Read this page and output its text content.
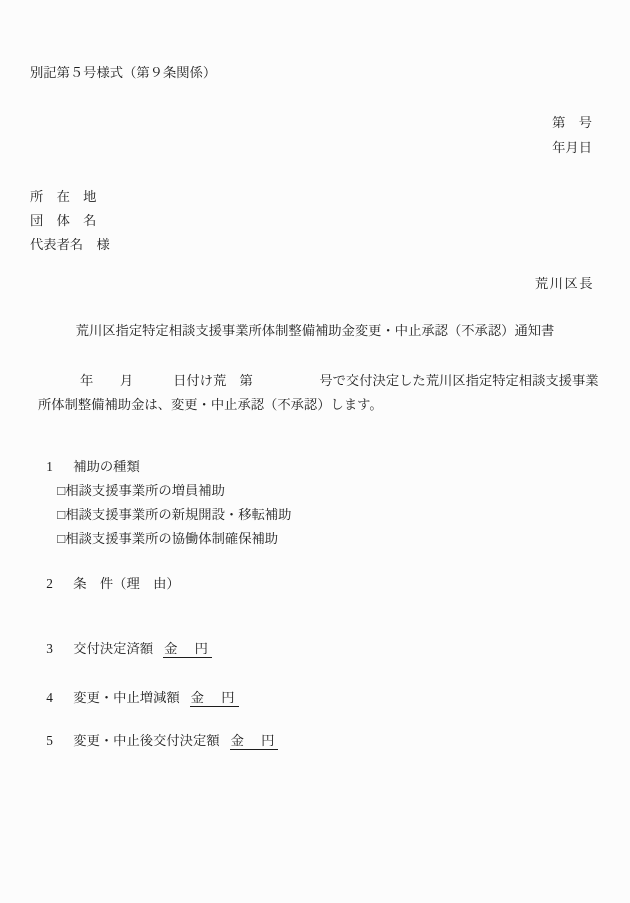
別記第５号様式（第９条関係）
第　号
年月日
所　在　地
団　体　名
代表者名　様
荒川区長
荒川区指定特定相談支援事業所体制整備補助金変更・中止承認（不承認）通知書
年　　月　　　日付け荒　第　　　　　号で交付決定した荒川区指定特定相談支援事業
所体制整備補助金は、変更・中止承認（不承認）します。

1 補助の種類

□相談支援事業所の増員補助

□相談支援事業所の新規開設・移転補助

□相談支援事業所の協働体制確保補助

2 条　件（理　由）

3 交付決定済額 金　円

4 変更・中止増減額 金　円

5 変更・中止後交付決定額 金　円
